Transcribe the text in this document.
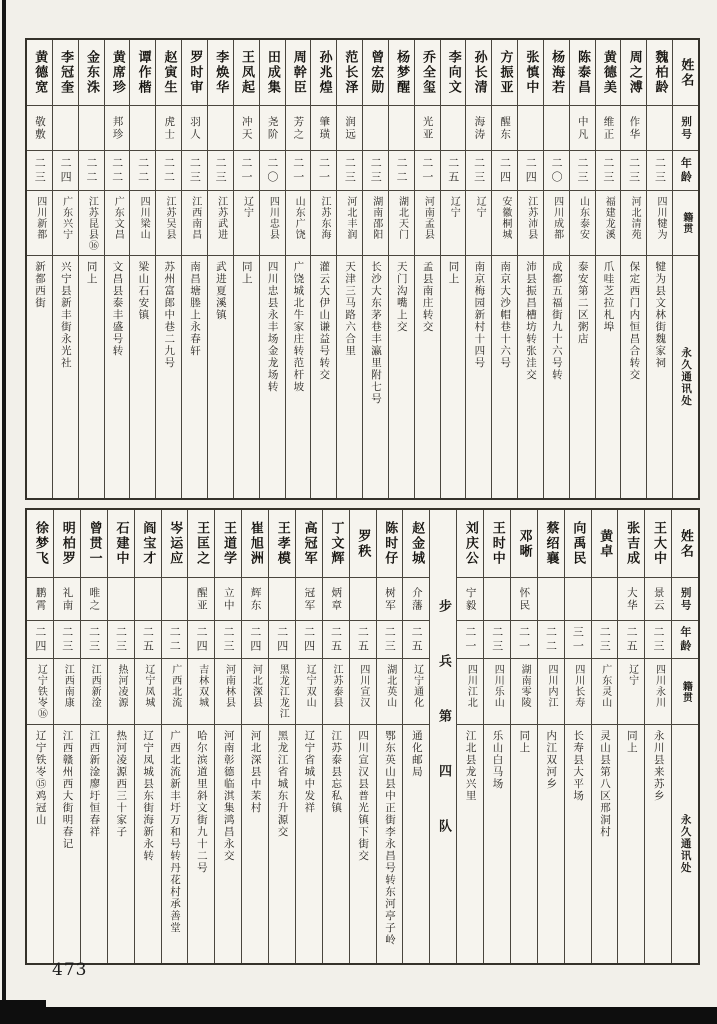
姓名
别号
年龄
籍贯
永久通讯处
魏柏龄
二三
四川犍为
犍为县文林街魏家祠
周之溥
作华
二三
河北清苑
保定西门内恒昌合转交
黄德美
维正
二三
福建龙溪
爪哇芝拉札埠
陈泰昌
中凡
二三
山东泰安
泰安第二区粥店
杨海若
二〇
四川成都
成都五福街九十六号转
张慎中
二四
江苏沛县
沛县振昌槽坊转张洼交
方振亚
醒东
二四
安徽桐城
南京大沙帽巷十六号
孙长清
海涛
二三
辽宁
南京梅园新村十四号
李向文
二五
辽宁
同上
乔全玺
光亚
二一
河南孟县
孟县南庄转交
杨梦醒
二二
湖北天门
天门沟嘴上交
曾宏勋
二三
湖南邵阳
长沙大东茅巷丰瀛里附七号
范长泽
润远
二三
河北丰润
天津三马路六合里
孙兆煌
肇璜
二一
江苏东海
灌云大伊山谦益号转交
周幹臣
芳之
二一
山东广饶
广饶城北牛家庄转范杆坡
田成集
尧阶
二〇
四川忠县
四川忠县永丰场金龙场转
王凤起
冲天
二一
辽宁
同上
李焕华
二三
江苏武进
武进夏溪镇
罗时审
羽人
二三
江西南昌
南昌塘塍上永春轩
赵寅生
虎士
二二
江苏吴县
苏州富郎中巷二九号
谭作楷
二二
四川梁山
梁山石安镇
黄席珍
邦珍
二二
广东文昌
文昌县泰丰盛号转
金东洙
二二
江苏昆县⑯
同上
李冠奎
二四
广东兴宁
兴宁县新丰街永光社
黄德宽
敬敷
二三
四川新都
新都西街
姓名
别号
年龄
籍贯
永久通讯处
王大中
景云
二三
四川永川
永川县来苏乡
张吉成
大华
二五
辽宁
同上
黄卓
二三
广东灵山
灵山县第八区邢洞村
向禹民
三一
四川长寿
长寿县大平场
蔡绍襄
二二
四川内江
内江双河乡
邓晰
怀民
二一
湖南零陵
同上
王时中
二三
四川乐山
乐山白马场
刘庆公
宁毅
二一
四川江北
江北县龙兴里
步兵第四队
赵金城
介藩
二五
辽宁通化
通化邮局
陈时仔
树军
二三
湖北英山
鄂东英山县中正街李永昌号转东河亭子岭
罗秩
二五
四川宣汉
四川宣汉县普光镇下街交
丁文辉
炳章
二五
江苏泰县
江苏泰县忘私镇
高冠军
冠军
二四
辽宁双山
辽宁省城中发祥
王孝模
二四
黑龙江龙江
黑龙江省城东升源交
崔旭洲
辉东
二四
河北深县
河北深县中茉村
王道学
立中
二三
河南林县
河南彰德临淇集鸿昌永交
王匡之
醒亚
二四
吉林双城
哈尔滨道里斜文街九十二号
岑运应
二二
广西北流
广西北流新丰圩万和号转丹花村承善堂
阎宝才
二五
辽宁凤城
辽宁凤城县东街海新永转
石建中
二三
热河凌源
热河凌源西三十家子
曾贯一
唯之
二三
江西新淦
江西新淦廖圩恒春祥
明柏罗
礼南
二三
江西南康
江西赣州西大街明春记
徐梦飞
鹏霄
二四
辽宁铁岺⑯
辽宁铁岺⑮鸡冠山
473
